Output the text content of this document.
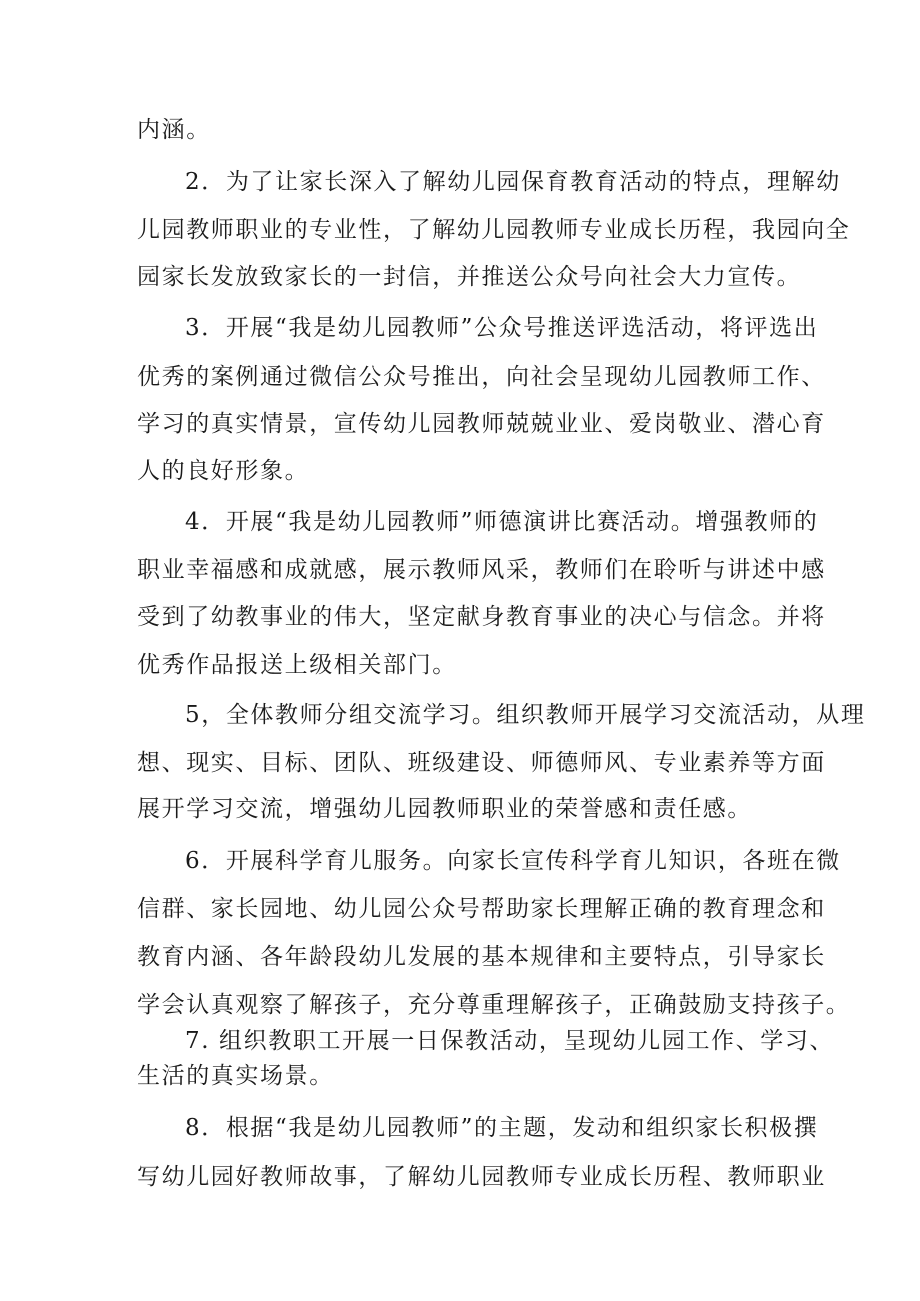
内涵。
2．为了让家长深入了解幼儿园保育教育活动的特点，理解幼
儿园教师职业的专业性，了解幼儿园教师专业成长历程，我园向全
园家长发放致家长的一封信，并推送公众号向社会大力宣传。
3．开展“我是幼儿园教师”公众号推送评选活动，将评选出
优秀的案例通过微信公众号推出，向社会呈现幼儿园教师工作、
学习的真实情景，宣传幼儿园教师兢兢业业、爱岗敬业、潜心育
人的良好形象。
4．开展“我是幼儿园教师”师德演讲比赛活动。增强教师的
职业幸福感和成就感，展示教师风采，教师们在聆听与讲述中感
受到了幼教事业的伟大，坚定献身教育事业的决心与信念。并将
优秀作品报送上级相关部门。
5，全体教师分组交流学习。组织教师开展学习交流活动，从理
想、现实、目标、团队、班级建设、师德师风、专业素养等方面
展开学习交流，增强幼儿园教师职业的荣誉感和责任感。
6．开展科学育儿服务。向家长宣传科学育儿知识，各班在微
信群、家长园地、幼儿园公众号帮助家长理解正确的教育理念和
教育内涵、各年龄段幼儿发展的基本规律和主要特点，引导家长
学会认真观察了解孩子，充分尊重理解孩子，正确鼓励支持孩子。
7. 组织教职工开展一日保教活动，呈现幼儿园工作、学习、
生活的真实场景。
8．根据“我是幼儿园教师”的主题，发动和组织家长积极撰
写幼儿园好教师故事，了解幼儿园教师专业成长历程、教师职业
